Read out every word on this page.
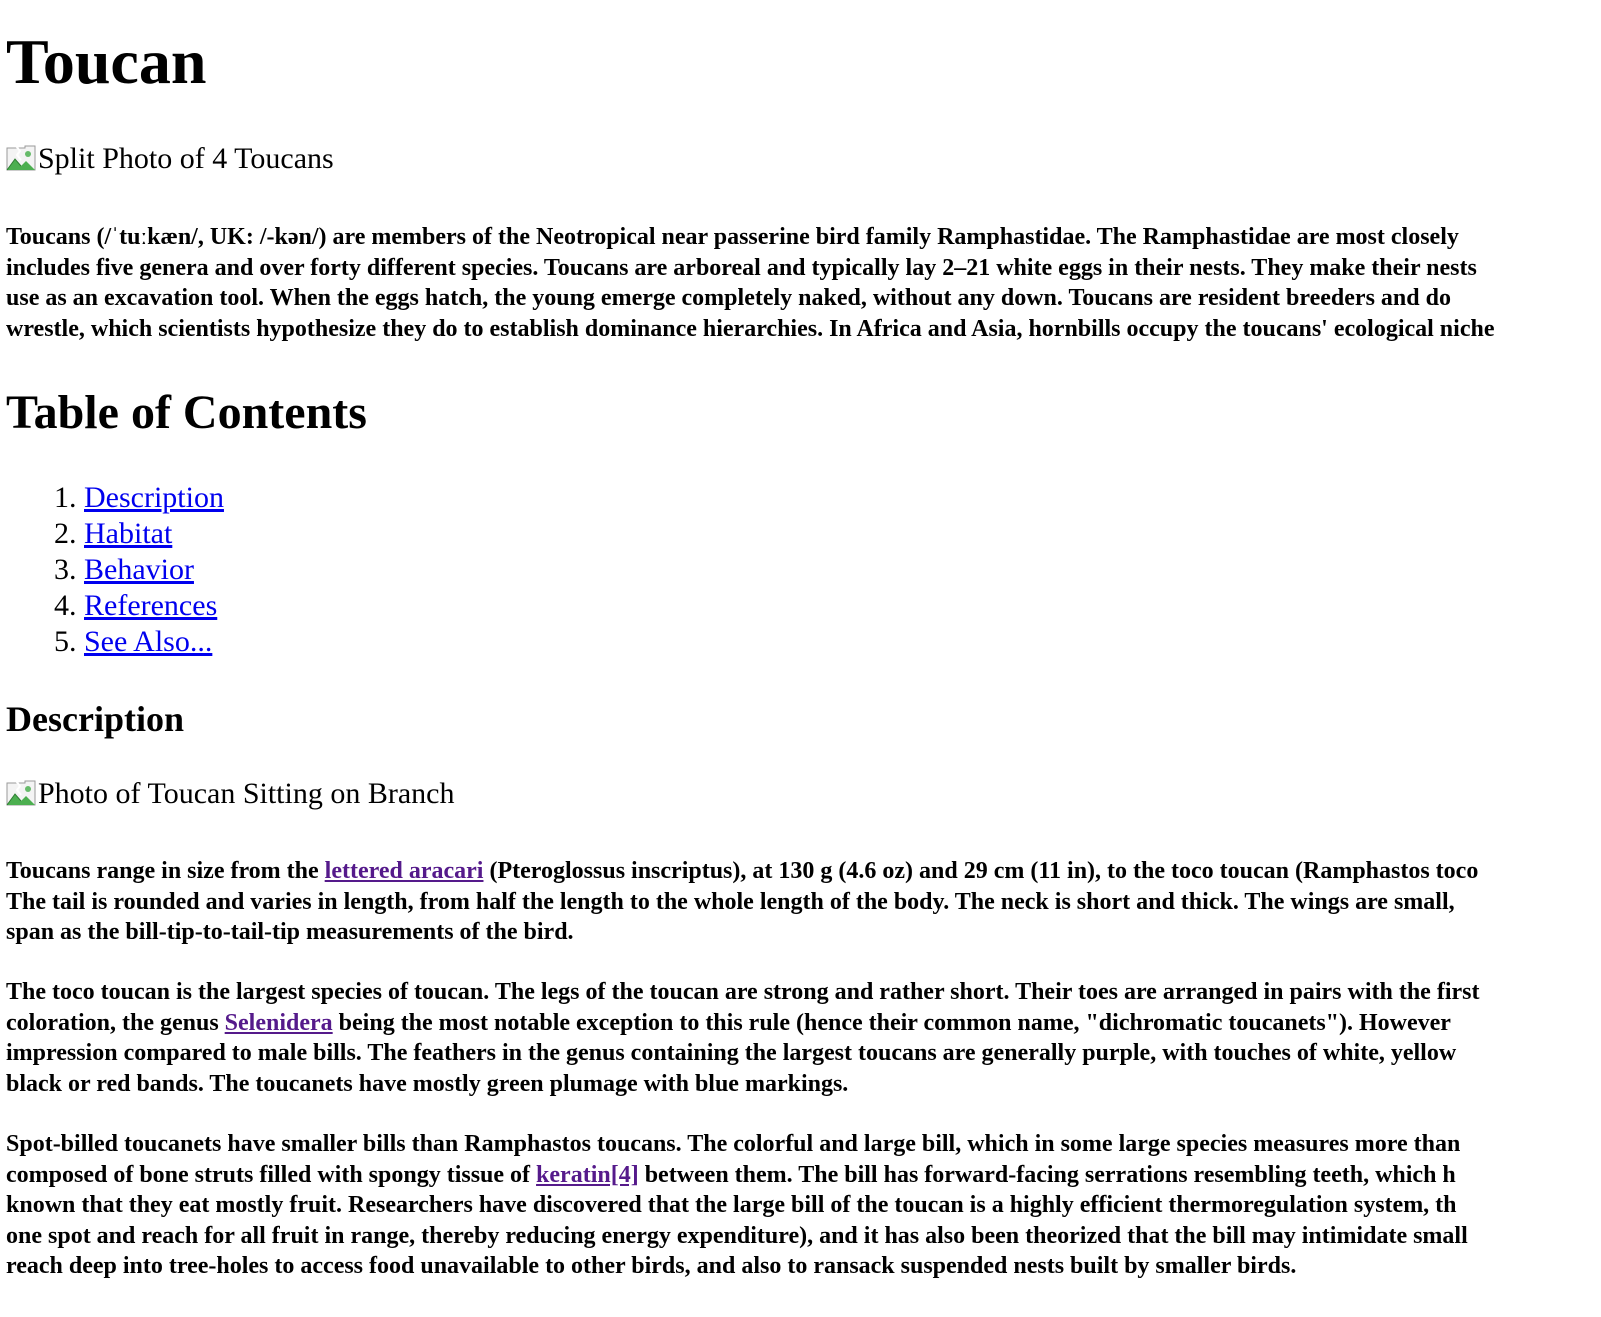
Toucan
Split Photo of 4 Toucans
Toucans (/ˈtuːkæn/, UK: /-kən/) are members of the Neotropical near passerine bird family Ramphastidae. The Ramphastidae are most closely
includes five genera and over forty different species. Toucans are arboreal and typically lay 2–21 white eggs in their nests. They make their nests
use as an excavation tool. When the eggs hatch, the young emerge completely naked, without any down. Toucans are resident breeders and do
wrestle, which scientists hypothesize they do to establish dominance hierarchies. In Africa and Asia, hornbills occupy the toucans' ecological niche
Table of Contents
1. Description
2. Habitat
3. Behavior
4. References
5. See Also...
Description
Photo of Toucan Sitting on Branch
Toucans range in size from the lettered aracari (Pteroglossus inscriptus), at 130 g (4.6 oz) and 29 cm (11 in), to the toco toucan (Ramphastos toco
The tail is rounded and varies in length, from half the length to the whole length of the body. The neck is short and thick. The wings are small,
span as the bill-tip-to-tail-tip measurements of the bird.
The toco toucan is the largest species of toucan. The legs of the toucan are strong and rather short. Their toes are arranged in pairs with the first
coloration, the genus Selenidera being the most notable exception to this rule (hence their common name, "dichromatic toucanets"). However
impression compared to male bills. The feathers in the genus containing the largest toucans are generally purple, with touches of white, yellow
black or red bands. The toucanets have mostly green plumage with blue markings.
Spot-billed toucanets have smaller bills than Ramphastos toucans. The colorful and large bill, which in some large species measures more than
composed of bone struts filled with spongy tissue of keratin[4] between them. The bill has forward-facing serrations resembling teeth, which h
known that they eat mostly fruit. Researchers have discovered that the large bill of the toucan is a highly efficient thermoregulation system, th
one spot and reach for all fruit in range, thereby reducing energy expenditure), and it has also been theorized that the bill may intimidate small
reach deep into tree-holes to access food unavailable to other birds, and also to ransack suspended nests built by smaller birds.
